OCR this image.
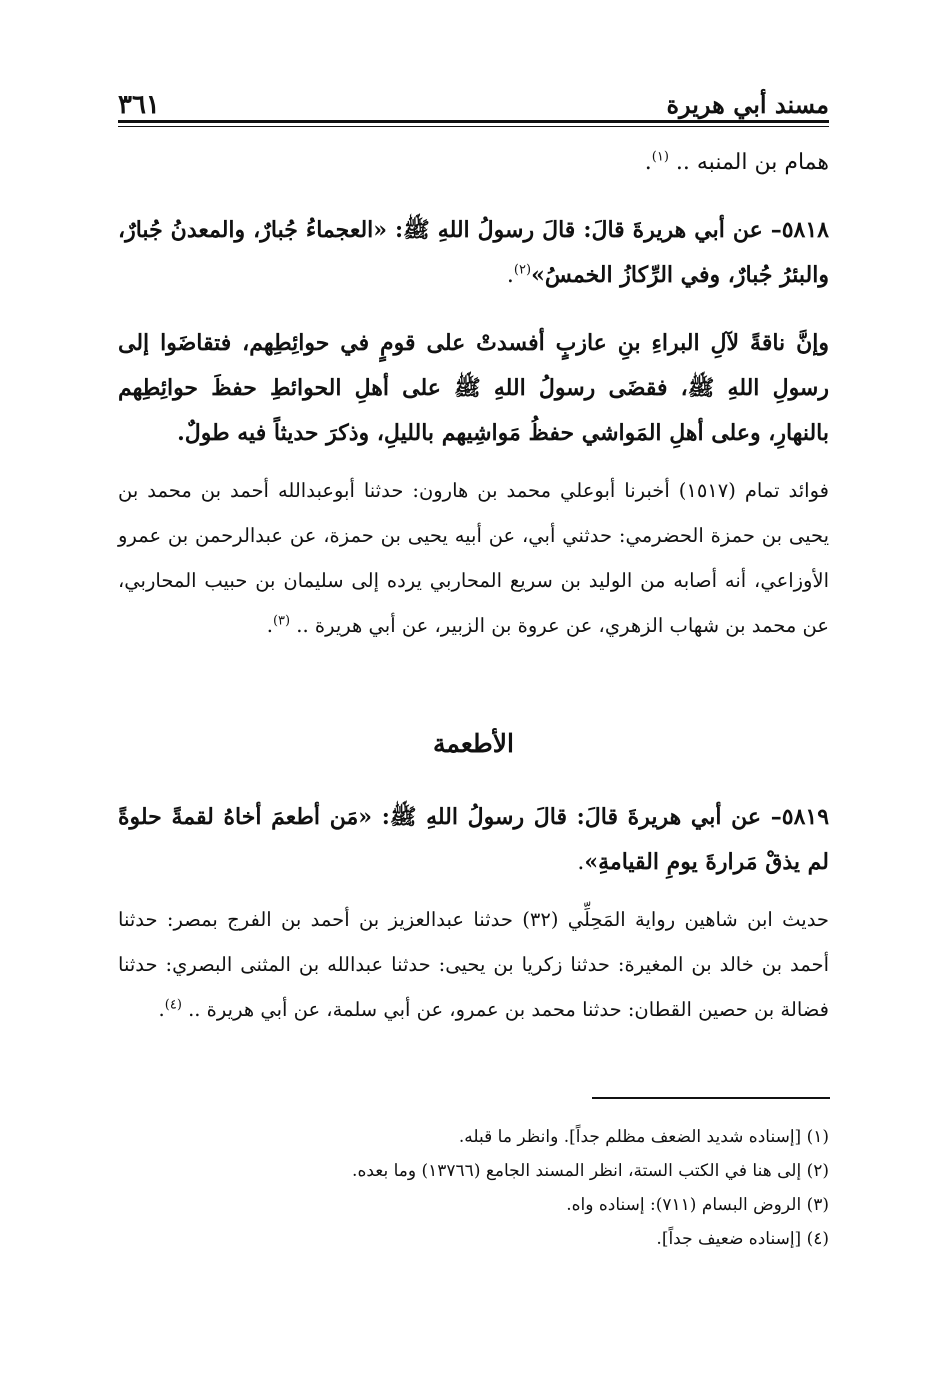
مسند أبي هريرة
٣٦١
همام بن المنبه .. $^{(١)}$.
٥٨١٨– عن أبي هريرةَ قالَ: قالَ رسولُ اللهِ ﷺ: «العجماءُ جُبارٌ، والمعدنُ جُبارٌ، والبئرُ جُبارٌ، وفي الرِّكازُ الخمسُ»$^{(٢)}$.
وإنَّ ناقةً لآلِ البراءِ بنِ عازبٍ أفسدتْ على قومٍ في حوائِطِهم، فتقاضَوا إلى رسولِ اللهِ ﷺ، فقضَى رسولُ اللهِ ﷺ على أهلِ الحوائطِ حفظَ حوائِطِهم بالنهارِ، وعلى أهلِ المَواشي حفظُ مَواشِيهم بالليلِ، وذكرَ حديثاً فيه طولٌ.
فوائد تمام (١٥١٧) أخبرنا أبوعلي محمد بن هارون: حدثنا أبوعبدالله أحمد بن محمد بن يحيى بن حمزة الحضرمي: حدثني أبي، عن أبيه يحيى بن حمزة، عن عبدالرحمن بن عمرو الأوزاعي، أنه أصابه من الوليد بن سريع المحاربي يرده إلى سليمان بن حبيب المحاربي، عن محمد بن شهاب الزهري، عن عروة بن الزبير، عن أبي هريرة .. $^{(٣)}$.
الأطعمة
٥٨١٩– عن أبي هريرةَ قالَ: قالَ رسولُ اللهِ ﷺ: «مَن أطعمَ أخاهُ لقمةً حلوةً لم يذقْ مَرارةَ يومِ القيامةِ».
حديث ابن شاهين رواية المَحِلِّي (٣٢) حدثنا عبدالعزيز بن أحمد بن الفرج بمصر: حدثنا أحمد بن خالد بن المغيرة: حدثنا زكريا بن يحيى: حدثنا عبدالله بن المثنى البصري: حدثنا فضالة بن حصين القطان: حدثنا محمد بن عمرو، عن أبي سلمة، عن أبي هريرة .. $^{(٤)}$.
(١) [إسناده شديد الضعف مظلم جداً]. وانظر ما قبله.
(٢) إلى هنا في الكتب الستة، انظر المسند الجامع (١٣٧٦٦) وما بعده.
(٣) الروض البسام (٧١١): إسناده واه.
(٤) [إسناده ضعيف جداً].
